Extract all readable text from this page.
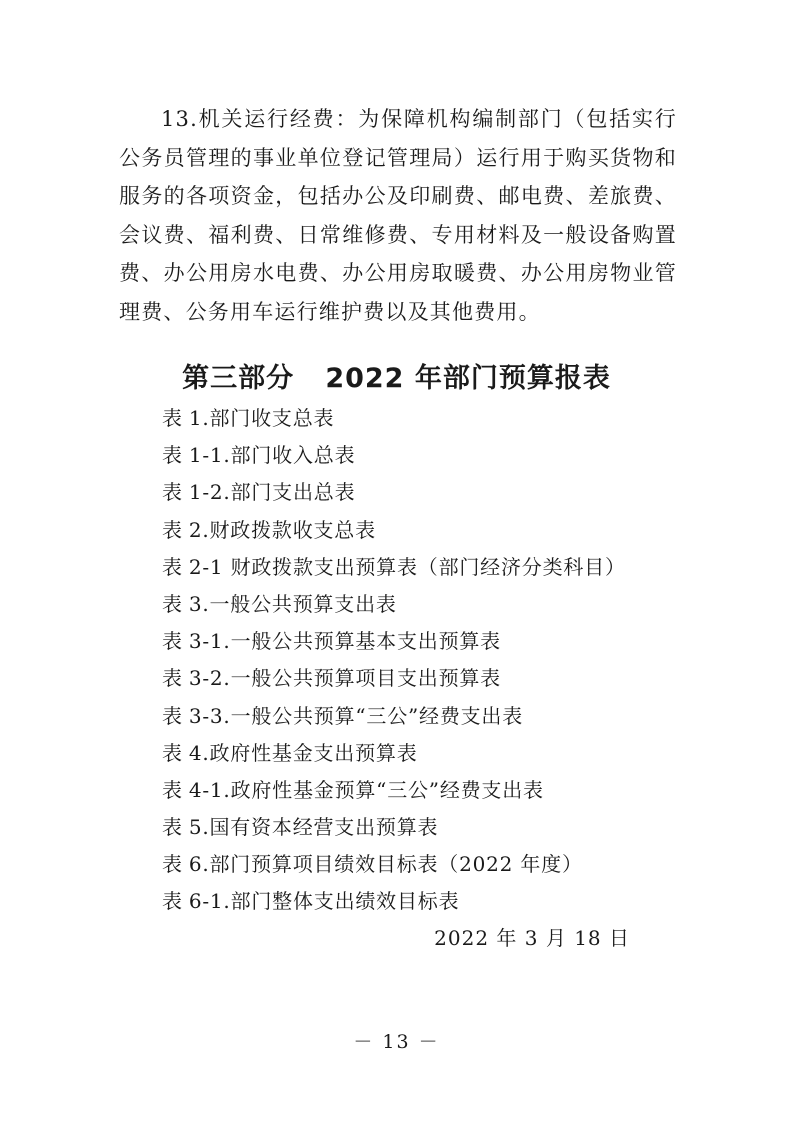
13.机关运行经费：为保障机构编制部门（包括实行公务员管理的事业单位登记管理局）运行用于购买货物和服务的各项资金，包括办公及印刷费、邮电费、差旅费、会议费、福利费、日常维修费、专用材料及一般设备购置费、办公用房水电费、办公用房取暖费、办公用房物业管理费、公务用车运行维护费以及其他费用。

第三部分   2022 年部门预算报表
表 1.部门收支总表
表 1-1.部门收入总表
表 1-2.部门支出总表
表 2.财政拨款收支总表
表 2-1 财政拨款支出预算表（部门经济分类科目）
表 3.一般公共预算支出表
表 3-1.一般公共预算基本支出预算表
表 3-2.一般公共预算项目支出预算表
表 3-3.一般公共预算“三公”经费支出表
表 4.政府性基金支出预算表
表 4-1.政府性基金预算“三公”经费支出表
表 5.国有资本经营支出预算表
表 6.部门预算项目绩效目标表（2022 年度）
表 6-1.部门整体支出绩效目标表
2022 年 3 月 18 日
－ 13 －
